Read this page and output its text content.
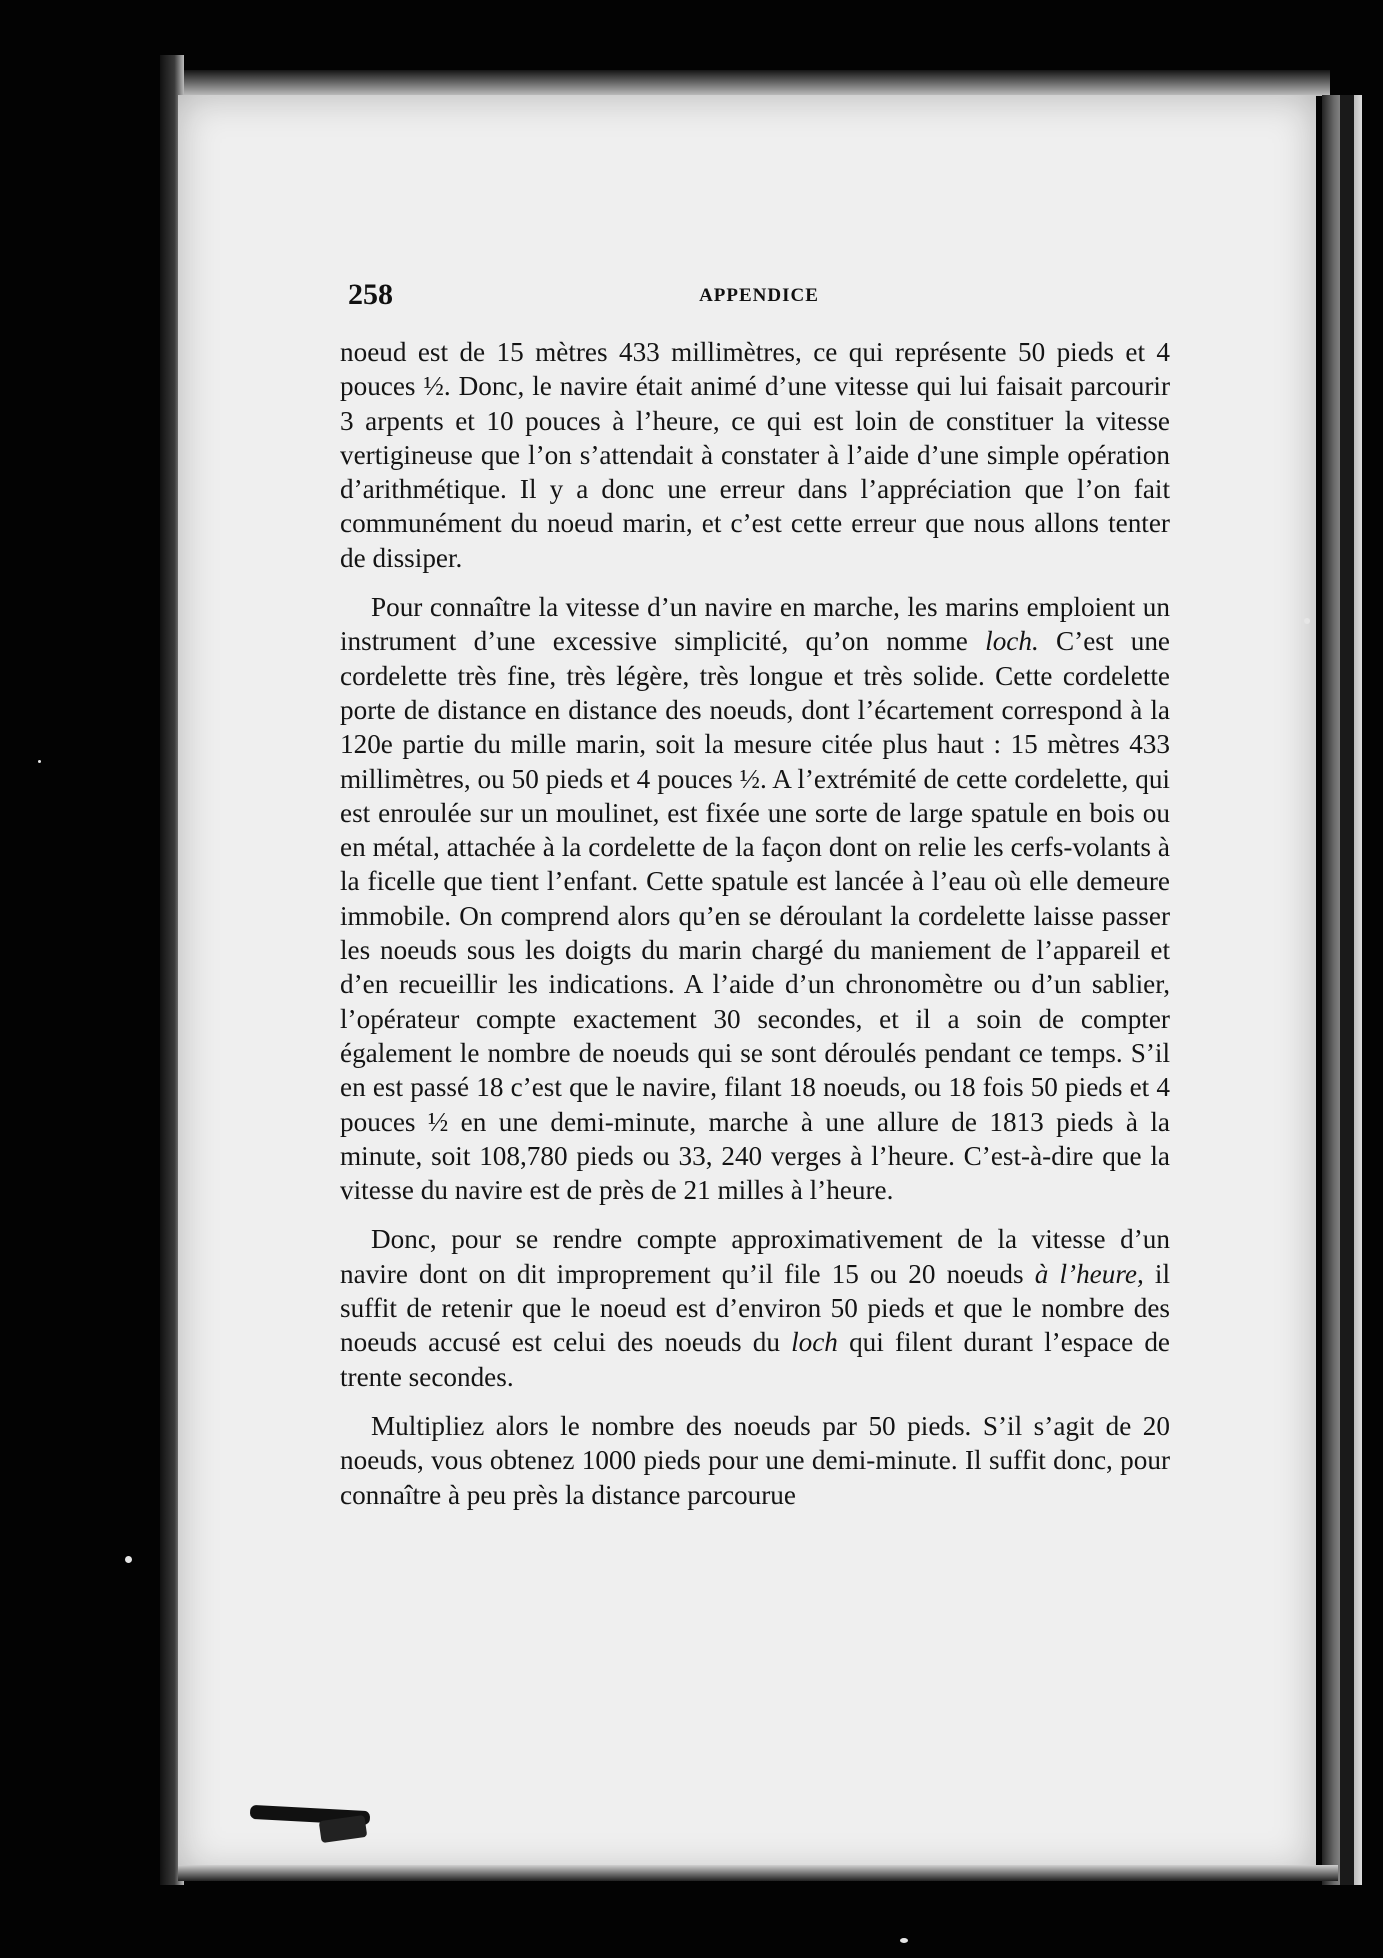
258	APPENDICE

noeud est de 15 mètres 433 millimètres, ce qui représente 50 pieds et 4 pouces ½. Donc, le navire était animé d’une vitesse qui lui faisait parcourir 3 arpents et 10 pouces à l’heure, ce qui est loin de constituer la vitesse vertigineuse que l’on s’attendait à constater à l’aide d’une simple opération d’arithmétique. Il y a donc une erreur dans l’appréciation que l’on fait communément du noeud marin, et c’est cette erreur que nous allons tenter de dissiper.

Pour connaître la vitesse d’un navire en marche, les marins emploient un instrument d’une excessive simplicité, qu’on nomme loch. C’est une cordelette très fine, très légère, très longue et très solide. Cette cordelette porte de distance en distance des noeuds, dont l’écartement correspond à la 120e partie du mille marin, soit la mesure citée plus haut : 15 mètres 433 millimètres, ou 50 pieds et 4 pouces ½. A l’extrémité de cette cordelette, qui est enroulée sur un moulinet, est fixée une sorte de large spatule en bois ou en métal, attachée à la cordelette de la façon dont on relie les cerfs-volants à la ficelle que tient l’enfant. Cette spatule est lancée à l’eau où elle demeure immobile. On comprend alors qu’en se déroulant la cordelette laisse passer les noeuds sous les doigts du marin chargé du maniement de l’appareil et d’en recueillir les indications. A l’aide d’un chronomètre ou d’un sablier, l’opérateur compte exactement 30 secondes, et il a soin de compter également le nombre de noeuds qui se sont déroulés pendant ce temps. S’il en est passé 18 c’est que le navire, filant 18 noeuds, ou 18 fois 50 pieds et 4 pouces ½ en une demi-minute, marche à une allure de 1813 pieds à la minute, soit 108,780 pieds ou 33, 240 verges à l’heure. C’est-à-dire que la vitesse du navire est de près de 21 milles à l’heure.

Donc, pour se rendre compte approximativement de la vitesse d’un navire dont on dit improprement qu’il file 15 ou 20 noeuds à l’heure, il suffit de retenir que le noeud est d’environ 50 pieds et que le nombre des noeuds accusé est celui des noeuds du loch qui filent durant l’espace de trente secondes.

Multipliez alors le nombre des noeuds par 50 pieds. S’il s’agit de 20 noeuds, vous obtenez 1000 pieds pour une demi-minute. Il suffit donc, pour connaître à peu près la distance parcourue
